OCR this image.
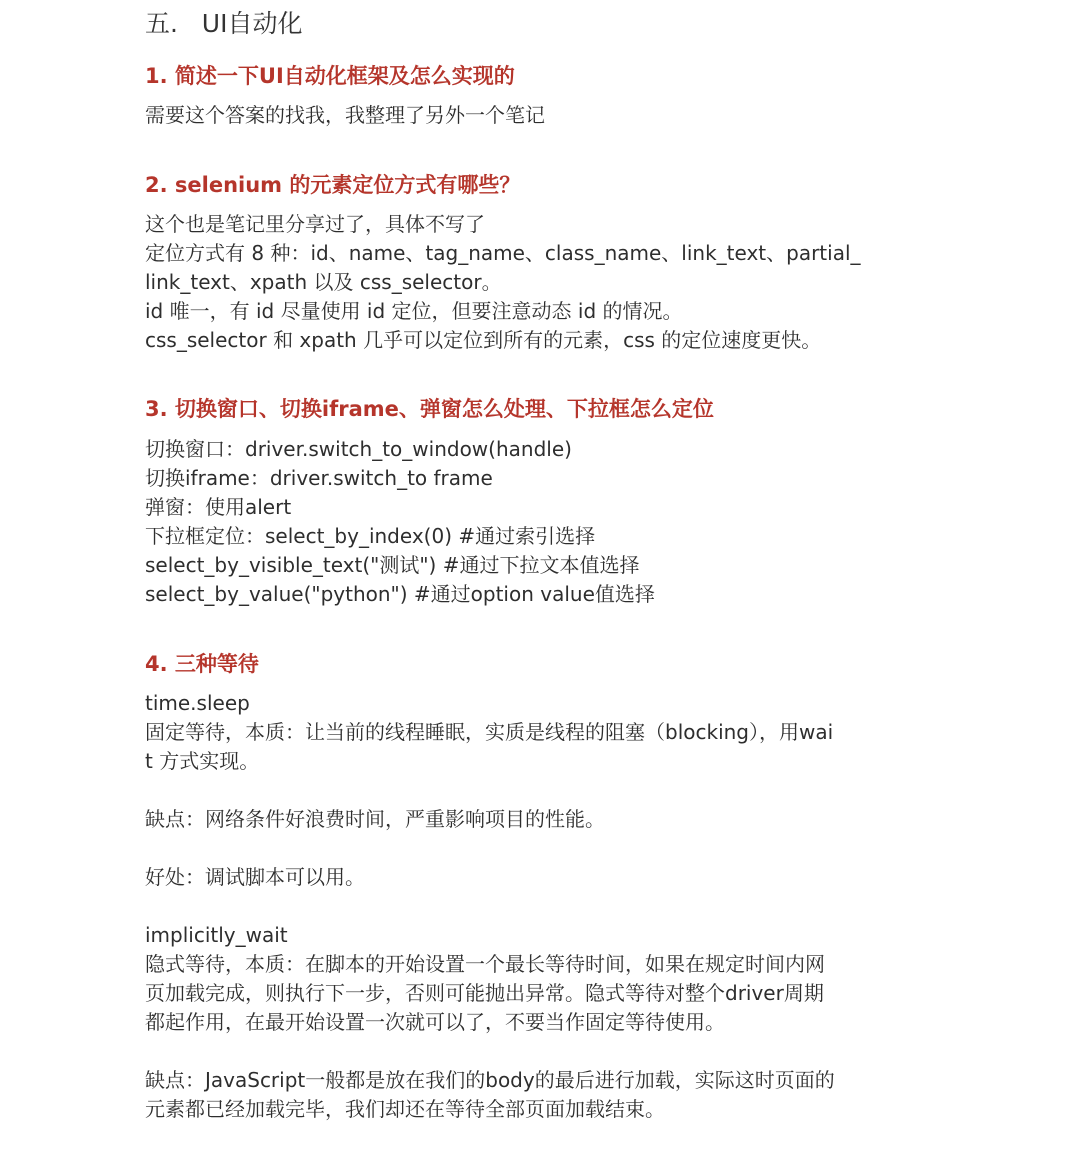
五.   UI自动化
1. 简述一下UI自动化框架及怎么实现的
需要这个答案的找我，我整理了另外一个笔记
2. selenium 的元素定位方式有哪些？
这个也是笔记里分享过了，具体不写了
定位方式有 8 种：id、name、tag_name、class_name、link_text、partial_
link_text、xpath 以及 css_selector。
id 唯一，有 id 尽量使用 id 定位，但要注意动态 id 的情况。
css_selector 和 xpath 几乎可以定位到所有的元素，css 的定位速度更快。
3. 切换窗口、切换iframe、弹窗怎么处理、下拉框怎么定位
切换窗口：driver.switch_to_window(handle)
切换iframe：driver.switch_to frame
弹窗：使用alert
下拉框定位：select_by_index(0) #通过索引选择
select_by_visible_text("测试") #通过下拉文本值选择
select_by_value("python") #通过option value值选择
4. 三种等待
time.sleep
固定等待，本质：让当前的线程睡眠，实质是线程的阻塞（blocking），用wai
t 方式实现。
缺点：网络条件好浪费时间，严重影响项目的性能。
好处：调试脚本可以用。
implicitly_wait
隐式等待，本质：在脚本的开始设置一个最长等待时间，如果在规定时间内网
页加载完成，则执行下一步，否则可能抛出异常。隐式等待对整个driver周期
都起作用，在最开始设置一次就可以了，不要当作固定等待使用。
缺点：JavaScript一般都是放在我们的body的最后进行加载，实际这时页面的
元素都已经加载完毕，我们却还在等待全部页面加载结束。
